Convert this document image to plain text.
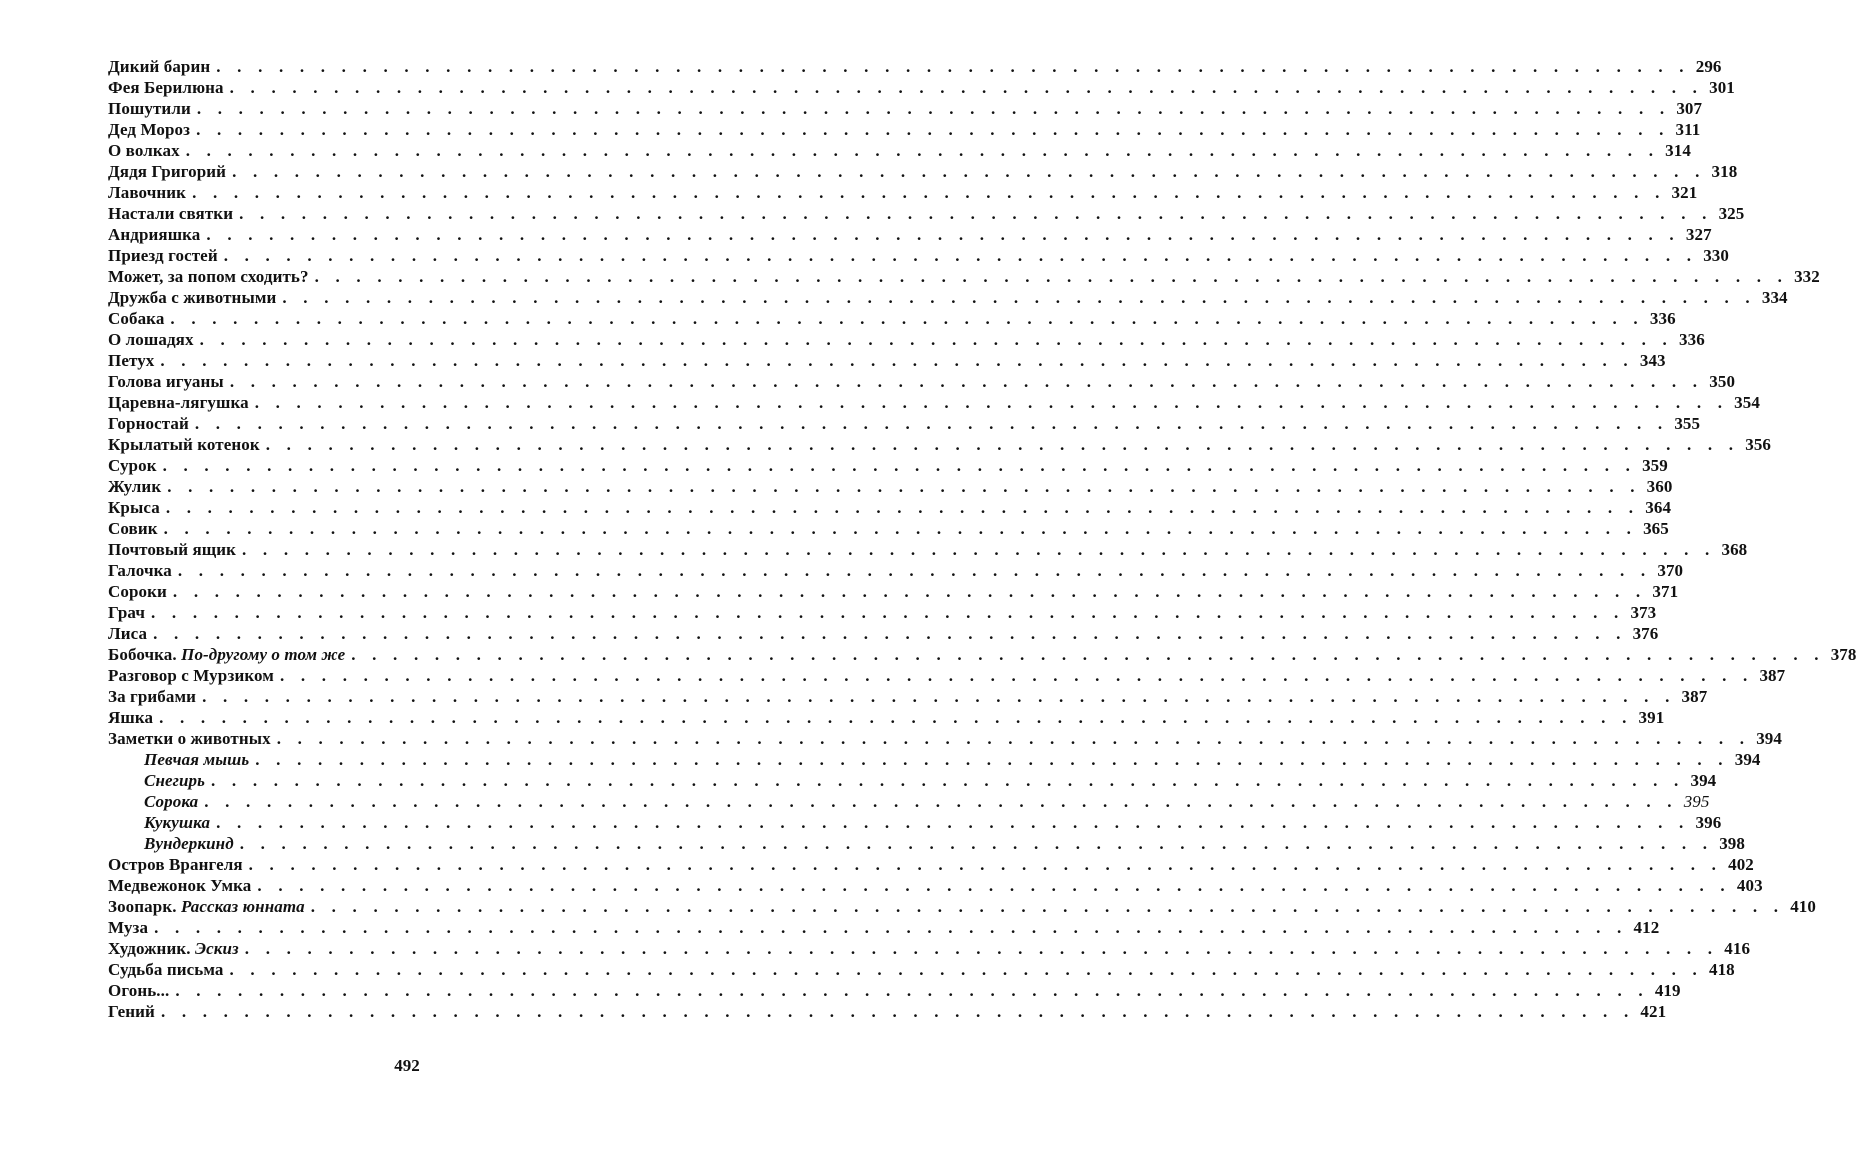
Дикий барин . . . . . . . . . . . . . . . . . . . . . . . . . . . . . . . . . . . . . . . . . . . . . . . . . . . . . . . . . . . . . . . . . . . . . . . 296
Фея Берилюна . . . . . . . . . . . . . . . . . . . . . . . . . . . . . . . . . . . . . . . . . . . . . . . . . . . . . . . . . . . . . . . . . . . . . . . 301
Пошутили . . . . . . . . . . . . . . . . . . . . . . . . . . . . . . . . . . . . . . . . . . . . . . . . . . . . . . . . . . . . . . . . . . . . . . . 307
Дед Мороз . . . . . . . . . . . . . . . . . . . . . . . . . . . . . . . . . . . . . . . . . . . . . . . . . . . . . . . . . . . . . . . . . . . . . . . 311
О волках . . . . . . . . . . . . . . . . . . . . . . . . . . . . . . . . . . . . . . . . . . . . . . . . . . . . . . . . . . . . . . . . . . . . . . . 314
Дядя Григорий . . . . . . . . . . . . . . . . . . . . . . . . . . . . . . . . . . . . . . . . . . . . . . . . . . . . . . . . . . . . . . . . . . . . . . . 318
Лавочник . . . . . . . . . . . . . . . . . . . . . . . . . . . . . . . . . . . . . . . . . . . . . . . . . . . . . . . . . . . . . . . . . . . . . . . 321
Настали святки . . . . . . . . . . . . . . . . . . . . . . . . . . . . . . . . . . . . . . . . . . . . . . . . . . . . . . . . . . . . . . . . . . . . . . . 325
Андрияшка . . . . . . . . . . . . . . . . . . . . . . . . . . . . . . . . . . . . . . . . . . . . . . . . . . . . . . . . . . . . . . . . . . . . . . . 327
Приезд гостей . . . . . . . . . . . . . . . . . . . . . . . . . . . . . . . . . . . . . . . . . . . . . . . . . . . . . . . . . . . . . . . . . . . . . . . 330
Может, за попом сходить? . . . . . . . . . . . . . . . . . . . . . . . . . . . . . . . . . . . . . . . . . . . . . . . . . . . . . . . . . . . . . . . . . . . . . . . 332
Дружба с животными . . . . . . . . . . . . . . . . . . . . . . . . . . . . . . . . . . . . . . . . . . . . . . . . . . . . . . . . . . . . . . . . . . . . . . . 334
Собака . . . . . . . . . . . . . . . . . . . . . . . . . . . . . . . . . . . . . . . . . . . . . . . . . . . . . . . . . . . . . . . . . . . . . . . 336
О лошадях . . . . . . . . . . . . . . . . . . . . . . . . . . . . . . . . . . . . . . . . . . . . . . . . . . . . . . . . . . . . . . . . . . . . . . . 336
Петух . . . . . . . . . . . . . . . . . . . . . . . . . . . . . . . . . . . . . . . . . . . . . . . . . . . . . . . . . . . . . . . . . . . . . . . 343
Голова игуаны . . . . . . . . . . . . . . . . . . . . . . . . . . . . . . . . . . . . . . . . . . . . . . . . . . . . . . . . . . . . . . . . . . . . . . . 350
Царевна-лягушка . . . . . . . . . . . . . . . . . . . . . . . . . . . . . . . . . . . . . . . . . . . . . . . . . . . . . . . . . . . . . . . . . . . . . . . 354
Горностай . . . . . . . . . . . . . . . . . . . . . . . . . . . . . . . . . . . . . . . . . . . . . . . . . . . . . . . . . . . . . . . . . . . . . . . 355
Крылатый котенок . . . . . . . . . . . . . . . . . . . . . . . . . . . . . . . . . . . . . . . . . . . . . . . . . . . . . . . . . . . . . . . . . . . . . . . 356
Сурок . . . . . . . . . . . . . . . . . . . . . . . . . . . . . . . . . . . . . . . . . . . . . . . . . . . . . . . . . . . . . . . . . . . . . . . 359
Жулик . . . . . . . . . . . . . . . . . . . . . . . . . . . . . . . . . . . . . . . . . . . . . . . . . . . . . . . . . . . . . . . . . . . . . . . 360
Крыса . . . . . . . . . . . . . . . . . . . . . . . . . . . . . . . . . . . . . . . . . . . . . . . . . . . . . . . . . . . . . . . . . . . . . . . 364
Совик . . . . . . . . . . . . . . . . . . . . . . . . . . . . . . . . . . . . . . . . . . . . . . . . . . . . . . . . . . . . . . . . . . . . . . . 365
Почтовый ящик . . . . . . . . . . . . . . . . . . . . . . . . . . . . . . . . . . . . . . . . . . . . . . . . . . . . . . . . . . . . . . . . . . . . . . . 368
Галочка . . . . . . . . . . . . . . . . . . . . . . . . . . . . . . . . . . . . . . . . . . . . . . . . . . . . . . . . . . . . . . . . . . . . . . . 370
Сороки . . . . . . . . . . . . . . . . . . . . . . . . . . . . . . . . . . . . . . . . . . . . . . . . . . . . . . . . . . . . . . . . . . . . . . . 371
Грач . . . . . . . . . . . . . . . . . . . . . . . . . . . . . . . . . . . . . . . . . . . . . . . . . . . . . . . . . . . . . . . . . . . . . . . 373
Лиса . . . . . . . . . . . . . . . . . . . . . . . . . . . . . . . . . . . . . . . . . . . . . . . . . . . . . . . . . . . . . . . . . . . . . . . 376
Бобочка. По-другому о том же . . . . . . . . . . . . . . . . . . . . . . . . . . . . . . . . . . . . . . . . . . . . . . . . . . . . . . . . . . . . . . . . . . . . . . . 378
Разговор с Мурзиком . . . . . . . . . . . . . . . . . . . . . . . . . . . . . . . . . . . . . . . . . . . . . . . . . . . . . . . . . . . . . . . . . . . . . . . 387
За грибами . . . . . . . . . . . . . . . . . . . . . . . . . . . . . . . . . . . . . . . . . . . . . . . . . . . . . . . . . . . . . . . . . . . . . . . 387
Яшка . . . . . . . . . . . . . . . . . . . . . . . . . . . . . . . . . . . . . . . . . . . . . . . . . . . . . . . . . . . . . . . . . . . . . . . 391
Заметки о животных . . . . . . . . . . . . . . . . . . . . . . . . . . . . . . . . . . . . . . . . . . . . . . . . . . . . . . . . . . . . . . . . . . . . . . . 394
Певчая мышь . . . . . . . . . . . . . . . . . . . . . . . . . . . . . . . . . . . . . . . . . . . . . . . . . . . . . . . . . . . . . . . . . . . . . . . 394
Снегирь . . . . . . . . . . . . . . . . . . . . . . . . . . . . . . . . . . . . . . . . . . . . . . . . . . . . . . . . . . . . . . . . . . . . . . . 394
Сорока . . . . . . . . . . . . . . . . . . . . . . . . . . . . . . . . . . . . . . . . . . . . . . . . . . . . . . . . . . . . . . . . . . . . . . . 395
Кукушка . . . . . . . . . . . . . . . . . . . . . . . . . . . . . . . . . . . . . . . . . . . . . . . . . . . . . . . . . . . . . . . . . . . . . . . 396
Вундеркинд . . . . . . . . . . . . . . . . . . . . . . . . . . . . . . . . . . . . . . . . . . . . . . . . . . . . . . . . . . . . . . . . . . . . . . . 398
Остров Врангеля . . . . . . . . . . . . . . . . . . . . . . . . . . . . . . . . . . . . . . . . . . . . . . . . . . . . . . . . . . . . . . . . . . . . . . . 402
Медвежонок Умка . . . . . . . . . . . . . . . . . . . . . . . . . . . . . . . . . . . . . . . . . . . . . . . . . . . . . . . . . . . . . . . . . . . . . . . 403
Зоопарк. Рассказ юнната . . . . . . . . . . . . . . . . . . . . . . . . . . . . . . . . . . . . . . . . . . . . . . . . . . . . . . . . . . . . . . . . . . . . . . . 410
Муза . . . . . . . . . . . . . . . . . . . . . . . . . . . . . . . . . . . . . . . . . . . . . . . . . . . . . . . . . . . . . . . . . . . . . . . 412
Художник. Эскиз . . . . . . . . . . . . . . . . . . . . . . . . . . . . . . . . . . . . . . . . . . . . . . . . . . . . . . . . . . . . . . . . . . . . . . . 416
Судьба письма . . . . . . . . . . . . . . . . . . . . . . . . . . . . . . . . . . . . . . . . . . . . . . . . . . . . . . . . . . . . . . . . . . . . . . . 418
Огонь... . . . . . . . . . . . . . . . . . . . . . . . . . . . . . . . . . . . . . . . . . . . . . . . . . . . . . . . . . . . . . . . . . . . . . . . 419
Гений . . . . . . . . . . . . . . . . . . . . . . . . . . . . . . . . . . . . . . . . . . . . . . . . . . . . . . . . . . . . . . . . . . . . . . . 421
492
